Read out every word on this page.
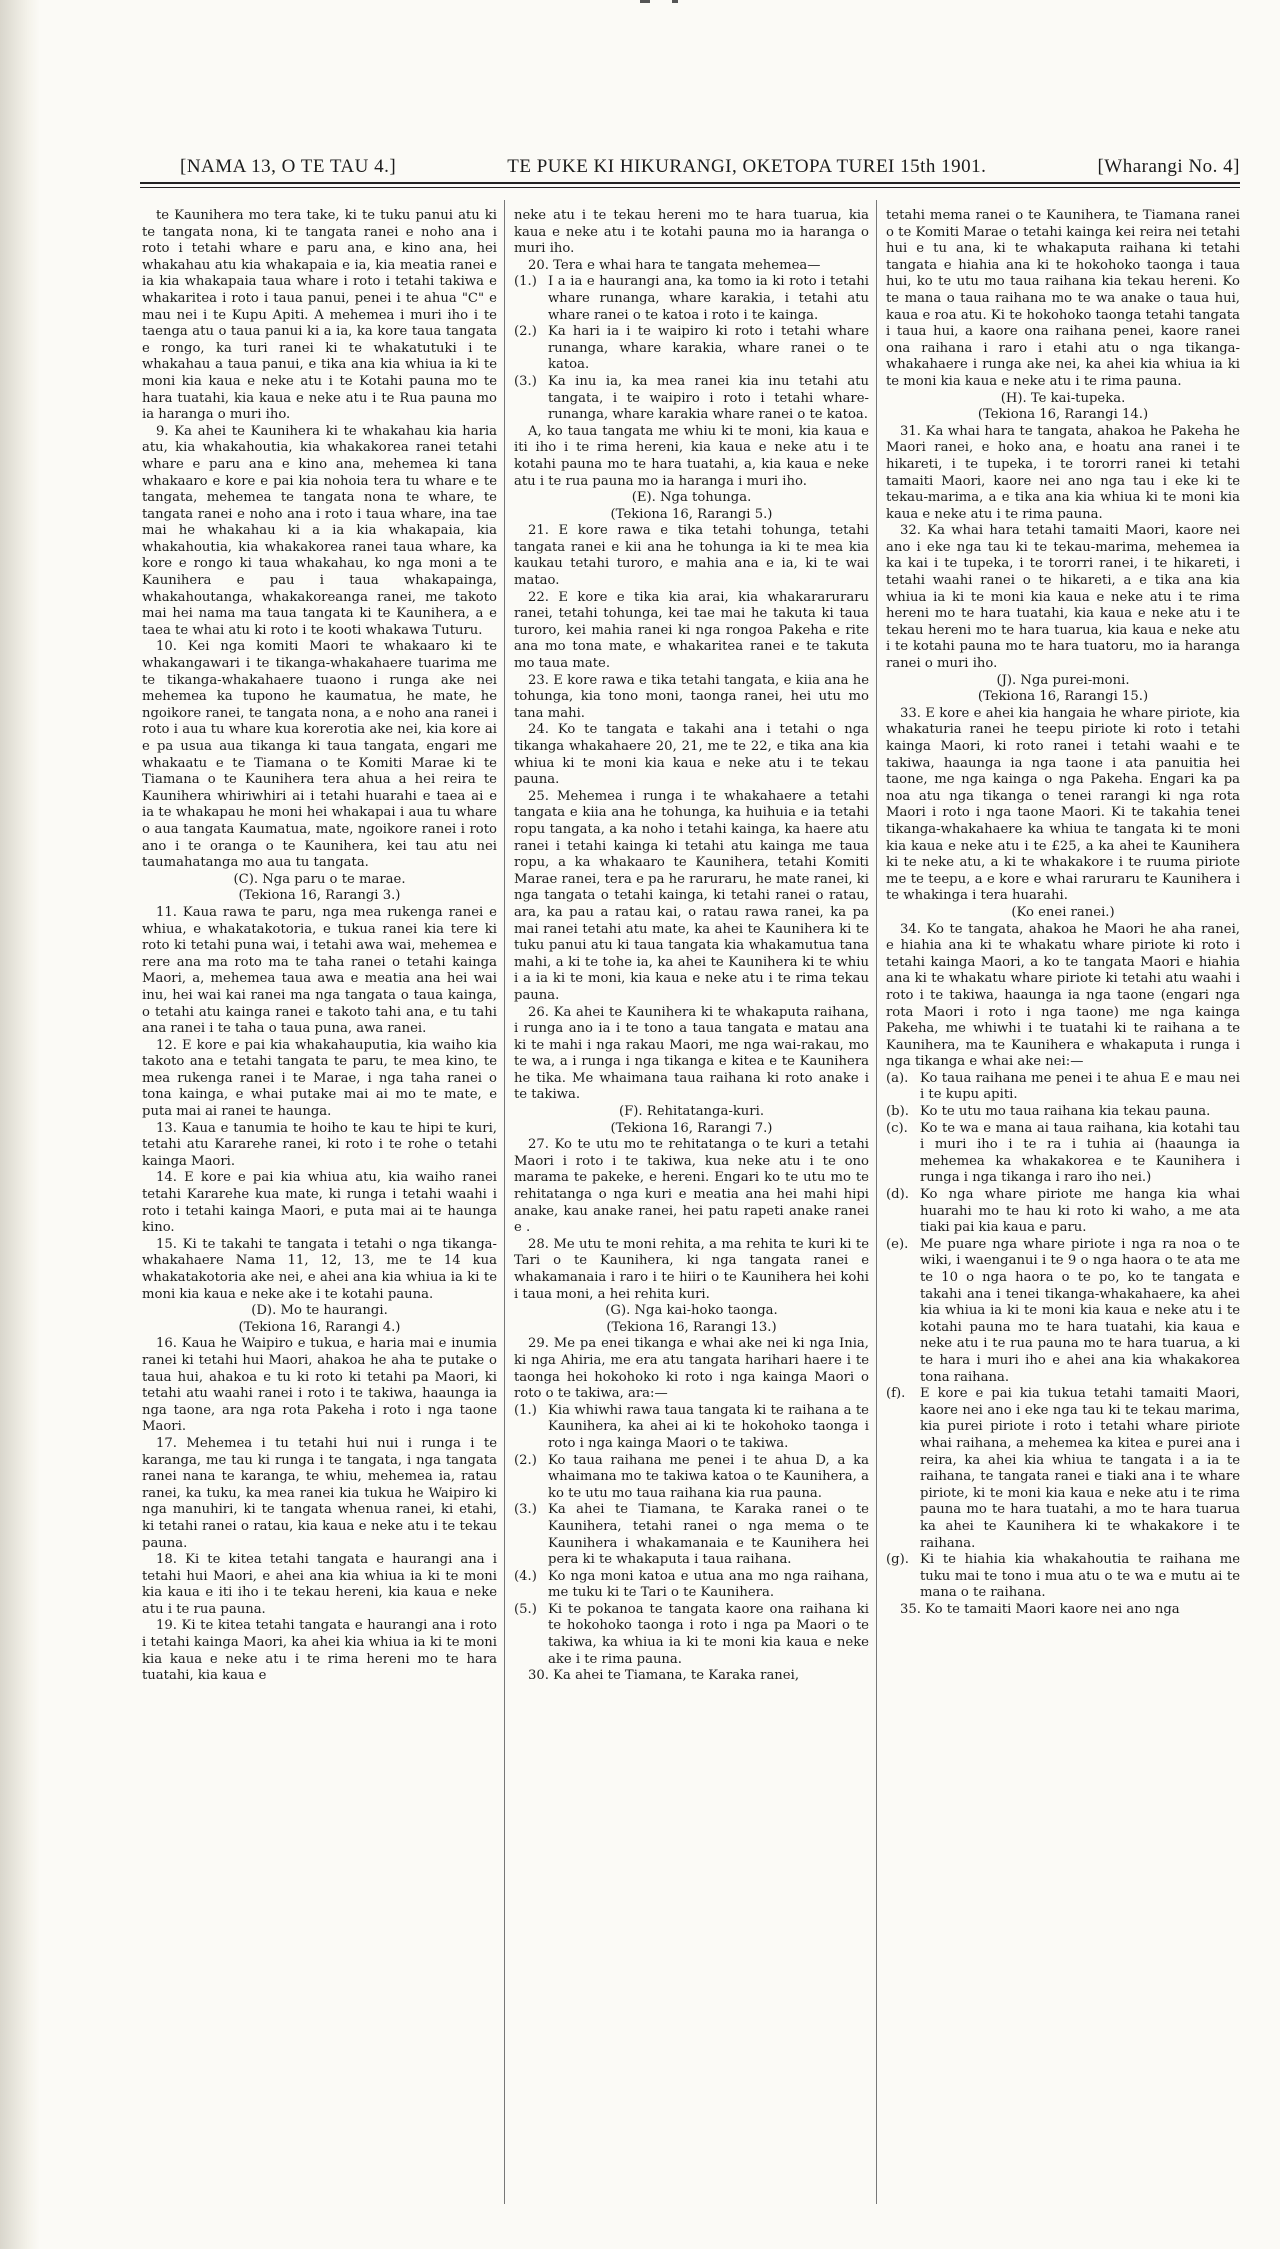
[NAMA 13, O TE TAU 4.]	TE PUKE KI HIKURANGI, OKETOPA TUREI 15th 1901.	[Wharangi No. 4]

te Kaunihera mo tera take, ki te tuku panui atu ki te tangata nona, ki te tangata ranei e noho ana i roto i tetahi whare e paru ana, e kino ana, hei whakahau atu kia whakapaia e ia, kia meatia ranei e ia kia whakapaia taua whare i roto i tetahi takiwa e whakaritea i roto i taua panui, penei i te ahua "C" e mau nei i te Kupu Apiti. A mehemea i muri iho i te taenga atu o taua panui ki a ia, ka kore taua tangata e rongo, ka turi ranei ki te whakatutuki i te whakahau a taua panui, e tika ana kia whiua ia ki te moni kia kaua e neke atu i te Kotahi pauna mo te hara tuatahi, kia kaua e neke atu i te Rua pauna mo ia haranga o muri iho.

9. Ka ahei te Kaunihera ki te whakahau kia haria atu, kia whakahoutia, kia whakakorea ranei tetahi whare e paru ana e kino ana, mehemea ki tana whakaaro e kore e pai kia nohoia tera tu whare e te tangata, mehemea te tangata nona te whare, te tangata ranei e noho ana i roto i taua whare, ina tae mai he whakahau ki a ia kia whakapaia, kia whakahoutia, kia whakakorea ranei taua whare, ka kore e rongo ki taua whakahau, ko nga moni a te Kaunihera e pau i taua whakapainga, whakahoutanga, whakakoreanga ranei, me takoto mai hei nama ma taua tangata ki te Kaunihera, a e taea te whai atu ki roto i te kooti whakawa Tuturu.

10. Kei nga komiti Maori te whakaaro ki te whakangawari i te tikanga-whakahaere tuarima me te tikanga-whakahaere tuaono i runga ake nei mehemea ka tupono he kaumatua, he mate, he ngoikore ranei, te tangata nona, a e noho ana ranei i roto i aua tu whare kua korerotia ake nei, kia kore ai e pa usua aua tikanga ki taua tangata, engari me whakaatu e te Tiamana o te Komiti Marae ki te Tiamana o te Kaunihera tera ahua a hei reira te Kaunihera whiriwhiri ai i tetahi huarahi e taea ai e ia te whakapau he moni hei whakapai i aua tu whare o aua tangata Kaumatua, mate, ngoikore ranei i roto ano i te oranga o te Kaunihera, kei tau atu nei taumahatanga mo aua tu tangata.

(C). Nga paru o te marae.

(Tekiona 16, Rarangi 3.)

11. Kaua rawa te paru, nga mea rukenga ranei e whiua, e whakatakotoria, e tukua ranei kia tere ki roto ki tetahi puna wai, i tetahi awa wai, mehemea e rere ana ma roto ma te taha ranei o tetahi kainga Maori, a, mehemea taua awa e meatia ana hei wai inu, hei wai kai ranei ma nga tangata o taua kainga, o tetahi atu kainga ranei e takoto tahi ana, e tu tahi ana ranei i te taha o taua puna, awa ranei.

12. E kore e pai kia whakahauputia, kia waiho kia takoto ana e tetahi tangata te paru, te mea kino, te mea rukenga ranei i te Marae, i nga taha ranei o tona kainga, e whai putake mai ai mo te mate, e puta mai ai ranei te haunga.

13. Kaua e tanumia te hoiho te kau te hipi te kuri, tetahi atu Kararehe ranei, ki roto i te rohe o tetahi kainga Maori.

14. E kore e pai kia whiua atu, kia waiho ranei tetahi Kararehe kua mate, ki runga i tetahi waahi i roto i tetahi kainga Maori, e puta mai ai te haunga kino.

15. Ki te takahi te tangata i tetahi o nga tikanga-whakahaere Nama 11, 12, 13, me te 14 kua whakatakotoria ake nei, e ahei ana kia whiua ia ki te moni kia kaua e neke ake i te kotahi pauna.

(D). Mo te haurangi.

(Tekiona 16, Rarangi 4.)

16. Kaua he Waipiro e tukua, e haria mai e inumia ranei ki tetahi hui Maori, ahakoa he aha te putake o taua hui, ahakoa e tu ki roto ki tetahi pa Maori, ki tetahi atu waahi ranei i roto i te takiwa, haaunga ia nga taone, ara nga rota Pakeha i roto i nga taone Maori.

17. Mehemea i tu tetahi hui nui i runga i te karanga, me tau ki runga i te tangata, i nga tangata ranei nana te karanga, te whiu, mehemea ia, ratau ranei, ka tuku, ka mea ranei kia tukua he Waipiro ki nga manuhiri, ki te tangata whenua ranei, ki etahi, ki tetahi ranei o ratau, kia kaua e neke atu i te tekau pauna.

18. Ki te kitea tetahi tangata e haurangi ana i tetahi hui Maori, e ahei ana kia whiua ia ki te moni kia kaua e iti iho i te tekau hereni, kia kaua e neke atu i te rua pauna.

19. Ki te kitea tetahi tangata e haurangi ana i roto i tetahi kainga Maori, ka ahei kia whiua ia ki te moni kia kaua e neke atu i te rima hereni mo te hara tuatahi, kia kaua e

neke atu i te tekau hereni mo te hara tuarua, kia kaua e neke atu i te kotahi pauna mo ia haranga o muri iho.

20. Tera e whai hara te tangata mehemea—

(1.) I a ia e haurangi ana, ka tomo ia ki roto i tetahi whare runanga, whare karakia, i tetahi atu whare ranei o te katoa i roto i te kainga.
(2.) Ka hari ia i te waipiro ki roto i tetahi whare runanga, whare karakia, whare ranei o te katoa.
(3.) Ka inu ia, ka mea ranei kia inu tetahi atu tangata, i te waipiro i roto i tetahi whare-runanga, whare karakia whare ranei o te katoa.

A, ko taua tangata me whiu ki te moni, kia kaua e iti iho i te rima hereni, kia kaua e neke atu i te kotahi pauna mo te hara tuatahi, a, kia kaua e neke atu i te rua pauna mo ia haranga i muri iho.

(E). Nga tohunga.

(Tekiona 16, Rarangi 5.)

21. E kore rawa e tika tetahi tohunga, tetahi tangata ranei e kii ana he tohunga ia ki te mea kia kaukau tetahi turoro, e mahia ana e ia, ki te wai matao.

22. E kore e tika kia arai, kia whakararuraru ranei, tetahi tohunga, kei tae mai he takuta ki taua turoro, kei mahia ranei ki nga rongoa Pakeha e rite ana mo tona mate, e whakaritea ranei e te takuta mo taua mate.

23. E kore rawa e tika tetahi tangata, e kiia ana he tohunga, kia tono moni, taonga ranei, hei utu mo tana mahi.

24. Ko te tangata e takahi ana i tetahi o nga tikanga whakahaere 20, 21, me te 22, e tika ana kia whiua ki te moni kia kaua e neke atu i te tekau pauna.

25. Mehemea i runga i te whakahaere a tetahi tangata e kiia ana he tohunga, ka huihuia e ia tetahi ropu tangata, a ka noho i tetahi kainga, ka haere atu ranei i tetahi kainga ki tetahi atu kainga me taua ropu, a ka whakaaro te Kaunihera, tetahi Komiti Marae ranei, tera e pa he raruraru, he mate ranei, ki nga tangata o tetahi kainga, ki tetahi ranei o ratau, ara, ka pau a ratau kai, o ratau rawa ranei, ka pa mai ranei tetahi atu mate, ka ahei te Kaunihera ki te tuku panui atu ki taua tangata kia whakamutua tana mahi, a ki te tohe ia, ka ahei te Kaunihera ki te whiu i a ia ki te moni, kia kaua e neke atu i te rima tekau pauna.

26. Ka ahei te Kaunihera ki te whakaputa raihana, i runga ano ia i te tono a taua tangata e matau ana ki te mahi i nga rakau Maori, me nga wai-rakau, mo te wa, a i runga i nga tikanga e kitea e te Kaunihera he tika. Me whaimana taua raihana ki roto anake i te takiwa.

(F). Rehitatanga-kuri.

(Tekiona 16, Rarangi 7.)

27. Ko te utu mo te rehitatanga o te kuri a tetahi Maori i roto i te takiwa, kua neke atu i te ono marama te pakeke, e hereni. Engari ko te utu mo te rehitatanga o nga kuri e meatia ana hei mahi hipi anake, kau anake ranei, hei patu rapeti anake ranei e .

28. Me utu te moni rehita, a ma rehita te kuri ki te Tari o te Kaunihera, ki nga tangata ranei e whakamanaia i raro i te hiiri o te Kaunihera hei kohi i taua moni, a hei rehita kuri.

(G). Nga kai-hoko taonga.

(Tekiona 16, Rarangi 13.)

29. Me pa enei tikanga e whai ake nei ki nga Inia, ki nga Ahiria, me era atu tangata harihari haere i te taonga hei hokohoko ki roto i nga kainga Maori o roto o te takiwa, ara:—

(1.) Kia whiwhi rawa taua tangata ki te raihana a te Kaunihera, ka ahei ai ki te hokohoko taonga i roto i nga kainga Maori o te takiwa.
(2.) Ko taua raihana me penei i te ahua D, a ka whaimana mo te takiwa katoa o te Kaunihera, a ko te utu mo taua raihana kia rua pauna.
(3.) Ka ahei te Tiamana, te Karaka ranei o te Kaunihera, tetahi ranei o nga mema o te Kaunihera i whakamanaia e te Kaunihera hei pera ki te whakaputa i taua raihana.
(4.) Ko nga moni katoa e utua ana mo nga raihana, me tuku ki te Tari o te Kaunihera.
(5.) Ki te pokanoa te tangata kaore ona raihana ki te hokohoko taonga i roto i nga pa Maori o te takiwa, ka whiua ia ki te moni kia kaua e neke ake i te rima pauna.

30. Ka ahei te Tiamana, te Karaka ranei,

tetahi mema ranei o te Kaunihera, te Tiamana ranei o te Komiti Marae o tetahi kainga kei reira nei tetahi hui e tu ana, ki te whakaputa raihana ki tetahi tangata e hiahia ana ki te hokohoko taonga i taua hui, ko te utu mo taua raihana kia tekau hereni. Ko te mana o taua raihana mo te wa anake o taua hui, kaua e roa atu. Ki te hokohoko taonga tetahi tangata i taua hui, a kaore ona raihana penei, kaore ranei ona raihana i raro i etahi atu o nga tikanga-whakahaere i runga ake nei, ka ahei kia whiua ia ki te moni kia kaua e neke atu i te rima pauna.

(H). Te kai-tupeka.

(Tekiona 16, Rarangi 14.)

31. Ka whai hara te tangata, ahakoa he Pakeha he Maori ranei, e hoko ana, e hoatu ana ranei i te hikareti, i te tupeka, i te tororri ranei ki tetahi tamaiti Maori, kaore nei ano nga tau i eke ki te tekau-marima, a e tika ana kia whiua ki te moni kia kaua e neke atu i te rima pauna.

32. Ka whai hara tetahi tamaiti Maori, kaore nei ano i eke nga tau ki te tekau-marima, mehemea ia ka kai i te tupeka, i te tororri ranei, i te hikareti, i tetahi waahi ranei o te hikareti, a e tika ana kia whiua ia ki te moni kia kaua e neke atu i te rima hereni mo te hara tuatahi, kia kaua e neke atu i te tekau hereni mo te hara tuarua, kia kaua e neke atu i te kotahi pauna mo te hara tuatoru, mo ia haranga ranei o muri iho.

(J). Nga purei-moni.

(Tekiona 16, Rarangi 15.)

33. E kore e ahei kia hangaia he whare piriote, kia whakaturia ranei he teepu piriote ki roto i tetahi kainga Maori, ki roto ranei i tetahi waahi e te takiwa, haaunga ia nga taone i ata panuitia hei taone, me nga kainga o nga Pakeha. Engari ka pa noa atu nga tikanga o tenei rarangi ki nga rota Maori i roto i nga taone Maori. Ki te takahia tenei tikanga-whakahaere ka whiua te tangata ki te moni kia kaua e neke atu i te £25, a ka ahei te Kaunihera ki te neke atu, a ki te whakakore i te ruuma piriote me te teepu, a e kore e whai raruraru te Kaunihera i te whakinga i tera huarahi.

(Ko enei ranei.)

34. Ko te tangata, ahakoa he Maori he aha ranei, e hiahia ana ki te whakatu whare piriote ki roto i tetahi kainga Maori, a ko te tangata Maori e hiahia ana ki te whakatu whare piriote ki tetahi atu waahi i roto i te takiwa, haaunga ia nga taone (engari nga rota Maori i roto i nga taone) me nga kainga Pakeha, me whiwhi i te tuatahi ki te raihana a te Kaunihera, ma te Kaunihera e whakaputa i runga i nga tikanga e whai ake nei:—

(a). Ko taua raihana me penei i te ahua E e mau nei i te kupu apiti.
(b). Ko te utu mo taua raihana kia tekau pauna.
(c). Ko te wa e mana ai taua raihana, kia kotahi tau i muri iho i te ra i tuhia ai (haaunga ia mehemea ka whakakorea e te Kaunihera i runga i nga tikanga i raro iho nei.)
(d). Ko nga whare piriote me hanga kia whai huarahi mo te hau ki roto ki waho, a me ata tiaki pai kia kaua e paru.
(e). Me puare nga whare piriote i nga ra noa o te wiki, i waenganui i te 9 o nga haora o te ata me te 10 o nga haora o te po, ko te tangata e takahi ana i tenei tikanga-whakahaere, ka ahei kia whiua ia ki te moni kia kaua e neke atu i te kotahi pauna mo te hara tuatahi, kia kaua e neke atu i te rua pauna mo te hara tuarua, a ki te hara i muri iho e ahei ana kia whakakorea tona raihana.
(f).	E kore e pai kia tukua tetahi tamaiti Maori, kaore nei ano i eke nga tau ki te tekau marima, kia purei piriote i roto i tetahi whare piriote whai raihana, a mehemea ka kitea e purei ana i reira, ka ahei kia whiua te tangata i a ia te raihana, te tangata ranei e tiaki ana i te whare piriote, ki te moni kia kaua e neke atu i te rima pauna mo te hara tuatahi, a mo te hara tuarua ka ahei te Kaunihera ki te whakakore i te raihana.
(g). Ki te hiahia kia whakahoutia te raihana me tuku mai te tono i mua atu o te wa e mutu ai te mana o te raihana.

35. Ko te tamaiti Maori kaore nei ano nga
